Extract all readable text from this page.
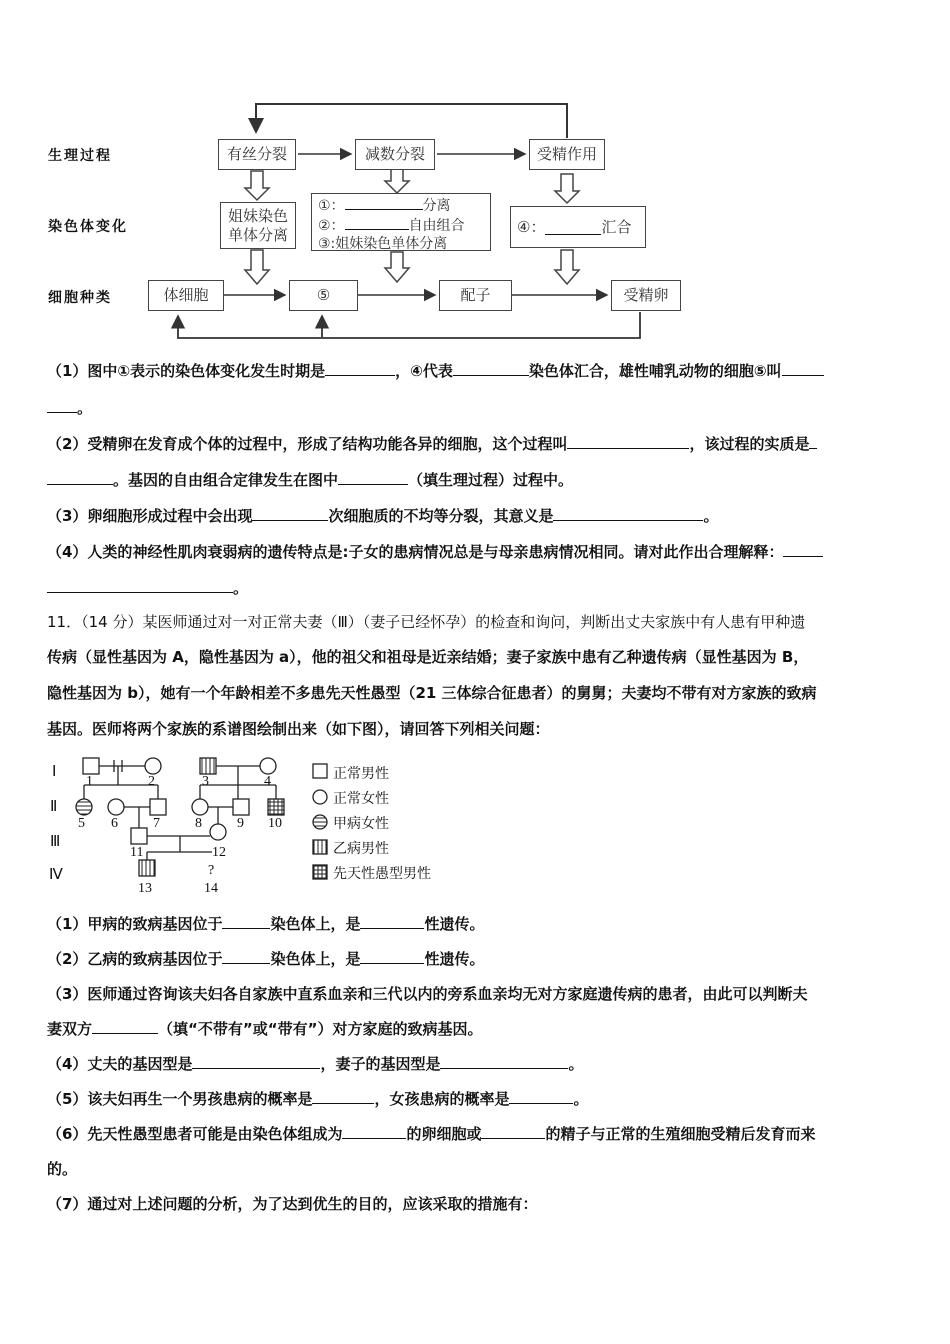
生理过程
染色体变化
细胞种类
有丝分裂	减数分裂	受精作用
姐妹染色
单体分离
①：	分离
②：	自由组合
③:姐妹染色单体分离
④：	汇合
体细胞	⑤	配子	受精卵
（1）图中①表示的染色体变化发生时期是	，④代表	染色体汇合，雄性哺乳动物的细胞⑤叫
。
（2）受精卵在发育成个体的过程中，形成了结构功能各异的细胞，这个过程叫	，该过程的实质是
。基因的自由组合定律发生在图中	（填生理过程）过程中。
（3）卵细胞形成过程中会出现	次细胞质的不均等分裂，其意义是	。
（4）人类的神经性肌肉衰弱病的遗传特点是:子女的患病情况总是与母亲患病情况相同。请对此作出合理解释：
。
11．（14 分）某医师通过对一对正常夫妻（Ⅲ）（妻子已经怀孕）的检查和询问，判断出丈夫家族中有人患有甲种遗
传病（显性基因为 A，隐性基因为 a），他的祖父和祖母是近亲结婚；妻子家族中患有乙种遗传病（显性基因为 B，
隐性基因为 b），她有一个年龄相差不多患先天性愚型（21 三体综合征患者）的舅舅；夫妻均不带有对方家族的致病
基因。医师将两个家族的系谱图绘制出来（如下图），请回答下列相关问题：
Ⅰ
Ⅱ
Ⅲ
Ⅳ
1	2	3	4
5 6	7	8	9 10
11	12
13
?
14
正常男性
正常女性
甲病女性
乙病男性
先天性愚型男性
（1）甲病的致病基因位于	染色体上，是	性遗传。
（2）乙病的致病基因位于	染色体上，是	性遗传。
（3）医师通过咨询该夫妇各自家族中直系血亲和三代以内的旁系血亲均无对方家庭遗传病的患者，由此可以判断夫
妻双方	（填“不带有”或“带有”）对方家庭的致病基因。
（4）丈夫的基因型是	，妻子的基因型是	。
（5）该夫妇再生一个男孩患病的概率是	，女孩患病的概率是	。
（6）先天性愚型患者可能是由染色体组成为	的卵细胞或	的精子与正常的生殖细胞受精后发育而来
的。
（7）通过对上述问题的分析，为了达到优生的目的，应该采取的措施有：
